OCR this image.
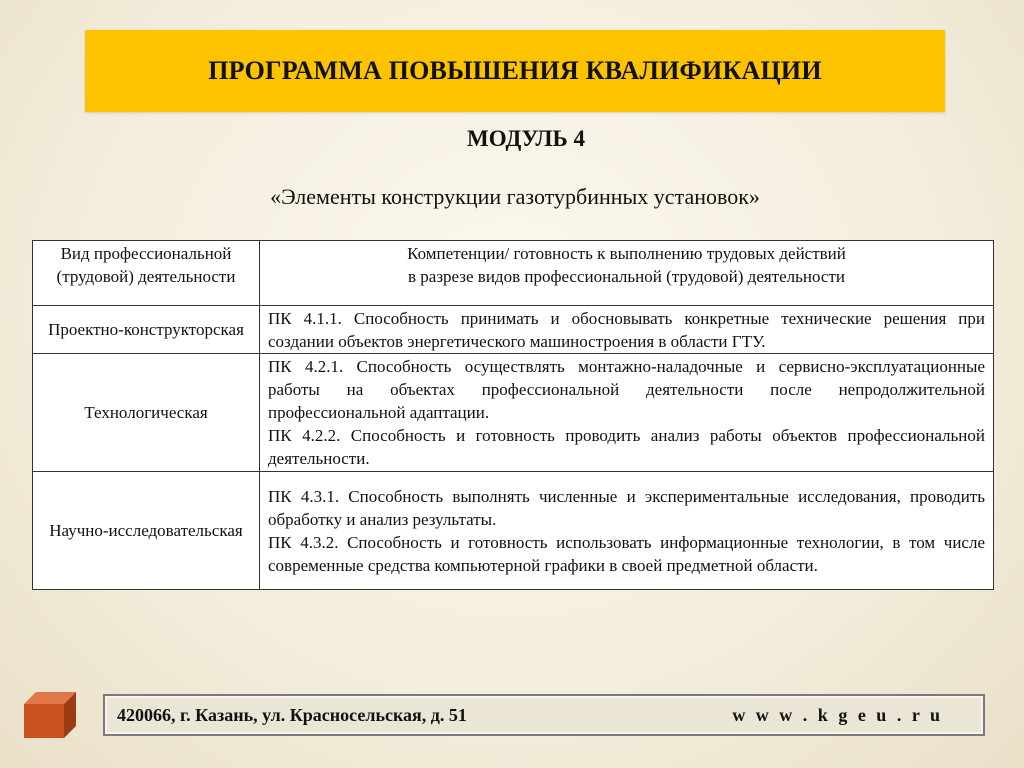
ПРОГРАММА ПОВЫШЕНИЯ КВАЛИФИКАЦИИ
МОДУЛЬ 4
«Элементы конструкции газотурбинных установок»
Вид профессиональной
(трудовой) деятельности	Компетенции/ готовность к выполнению трудовых действий
в разрезе видов профессиональной (трудовой) деятельности
Проектно-конструкторская	ПК 4.1.1. Способность принимать и обосновывать конкретные технические решения при создании объектов энергетического машиностроения в области ГТУ.

Технологическая	ПК 4.2.1. Способность осуществлять монтажно-наладочные и сервисно-эксплуатационные работы на объектах профессиональной деятельности после непродолжительной профессиональной адаптации.

ПК 4.2.2. Способность и готовность проводить анализ работы объектов профессиональной деятельности.

Научно-исследовательская	ПК 4.3.1. Способность выполнять численные и экспериментальные исследования, проводить обработку и анализ результаты.

ПК 4.3.2. Способность и готовность использовать информационные технологии, в том числе современные средства компьютерной графики в своей предметной области.

420066, г. Казань, ул. Красносельская, д. 51	w w w . k g e u . r u
